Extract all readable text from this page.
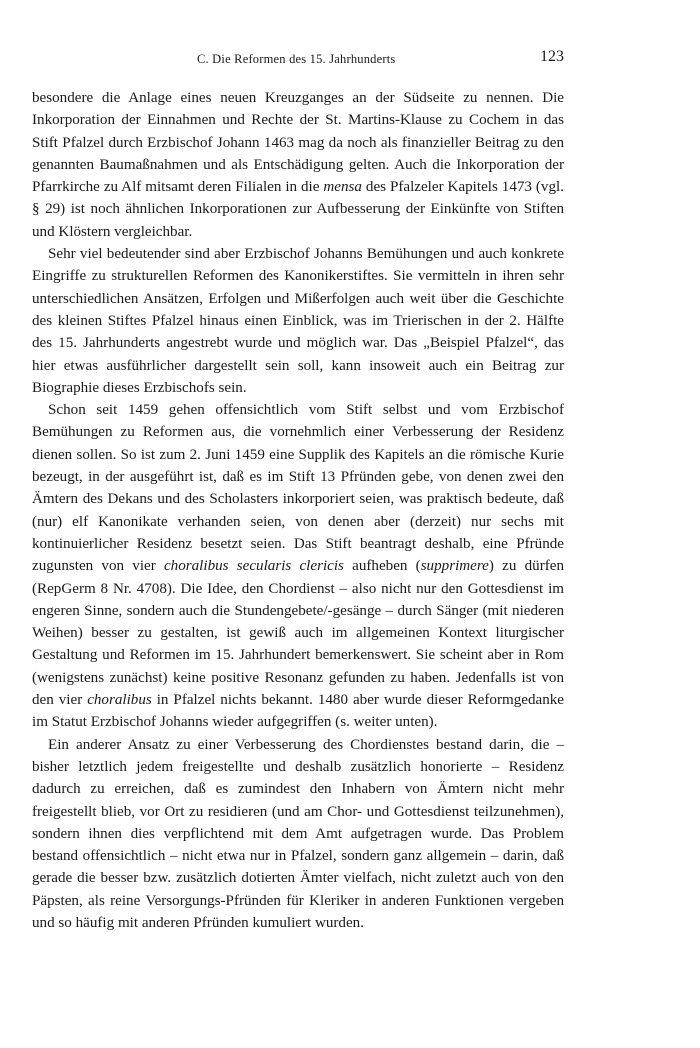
C. Die Reformen des 15. Jahrhunderts	123

besondere die Anlage eines neuen Kreuzganges an der Südseite zu nennen. Die Inkorporation der Einnahmen und Rechte der St. Martins-Klause zu Cochem in das Stift Pfalzel durch Erzbischof Johann 1463 mag da noch als finanzieller Beitrag zu den genannten Baumaßnahmen und als Entschädigung gelten. Auch die Inkorporation der Pfarrkirche zu Alf mitsamt deren Filialen in die mensa des Pfalzeler Kapitels 1473 (vgl. § 29) ist noch ähnlichen Inkorporationen zur Aufbesserung der Einkünfte von Stiften und Klöstern vergleichbar.

Sehr viel bedeutender sind aber Erzbischof Johanns Bemühungen und auch konkrete Eingriffe zu strukturellen Reformen des Kanonikerstiftes. Sie vermitteln in ihren sehr unterschiedlichen Ansätzen, Erfolgen und Mißerfolgen auch weit über die Geschichte des kleinen Stiftes Pfalzel hinaus einen Einblick, was im Trierischen in der 2. Hälfte des 15. Jahrhunderts angestrebt wurde und möglich war. Das „Beispiel Pfalzel“, das hier etwas ausführlicher dargestellt sein soll, kann insoweit auch ein Beitrag zur Biographie dieses Erzbischofs sein.

Schon seit 1459 gehen offensichtlich vom Stift selbst und vom Erzbischof Bemühungen zu Reformen aus, die vornehmlich einer Verbesserung der Residenz dienen sollen. So ist zum 2. Juni 1459 eine Supplik des Kapitels an die römische Kurie bezeugt, in der ausgeführt ist, daß es im Stift 13 Pfründen gebe, von denen zwei den Ämtern des Dekans und des Scholasters inkorporiert seien, was praktisch bedeute, daß (nur) elf Kanonikate verhanden seien, von denen aber (derzeit) nur sechs mit kontinuierlicher Residenz besetzt seien. Das Stift beantragt deshalb, eine Pfründe zugunsten von vier choralibus secularis clericis aufheben (supprimere) zu dürfen (RepGerm 8 Nr. 4708). Die Idee, den Chordienst – also nicht nur den Gottesdienst im engeren Sinne, sondern auch die Stundengebete/-gesänge – durch Sänger (mit niederen Weihen) besser zu gestalten, ist gewiß auch im allgemeinen Kontext liturgischer Gestaltung und Reformen im 15. Jahrhundert bemerkenswert. Sie scheint aber in Rom (wenigstens zunächst) keine positive Resonanz gefunden zu haben. Jedenfalls ist von den vier choralibus in Pfalzel nichts bekannt. 1480 aber wurde dieser Reformgedanke im Statut Erzbischof Johanns wieder aufgegriffen (s. weiter unten).

Ein anderer Ansatz zu einer Verbesserung des Chordienstes bestand darin, die – bisher letztlich jedem freigestellte und deshalb zusätzlich honorierte – Residenz dadurch zu erreichen, daß es zumindest den Inhabern von Ämtern nicht mehr freigestellt blieb, vor Ort zu residieren (und am Chor- und Gottesdienst teilzunehmen), sondern ihnen dies verpflichtend mit dem Amt aufgetragen wurde. Das Problem bestand offensichtlich – nicht etwa nur in Pfalzel, sondern ganz allgemein – darin, daß gerade die besser bzw. zusätzlich dotierten Ämter vielfach, nicht zuletzt auch von den Päpsten, als reine Versorgungs-Pfründen für Kleriker in anderen Funktionen vergeben und so häufig mit anderen Pfründen kumuliert wurden.
